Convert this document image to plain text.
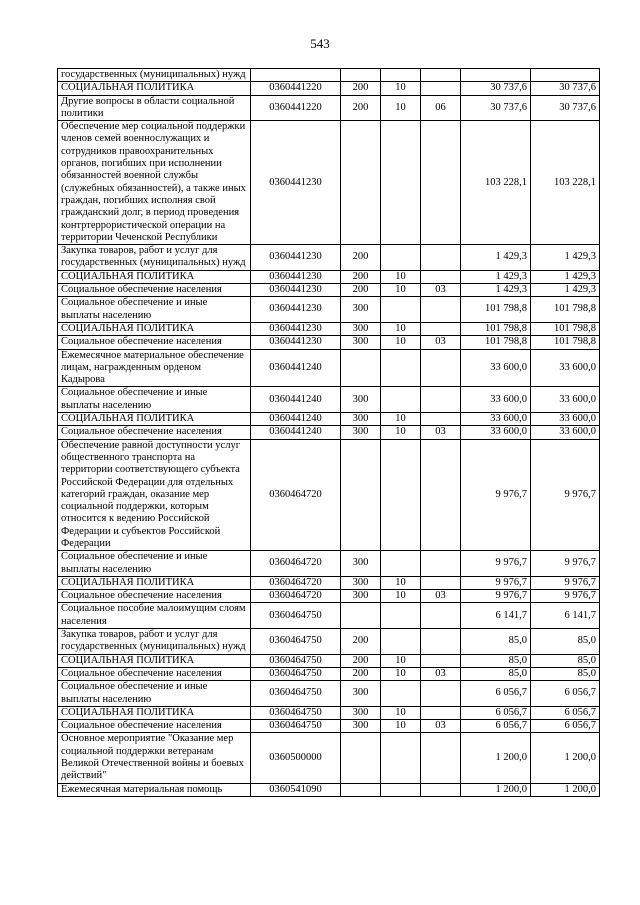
543
государственных (муниципальных) нужд						
СОЦИАЛЬНАЯ ПОЛИТИКА	0360441220	200	10		30 737,6	30 737,6
Другие вопросы в области социальной политики	0360441220	200	10	06	30 737,6	30 737,6
Обеспечение мер социальной поддержки членов семей военнослужащих и сотрудников правоохранительных органов, погибших при исполнении обязанностей военной службы (служебных обязанностей), а также иных граждан, погибших исполняя свой гражданский долг, в период проведения контртеррористической операции на территории Чеченской Республики	0360441230				103 228,1	103 228,1
Закупка товаров, работ и услуг для государственных (муниципальных) нужд	0360441230	200			1 429,3	1 429,3
СОЦИАЛЬНАЯ ПОЛИТИКА	0360441230	200	10		1 429,3	1 429,3
Социальное обеспечение населения	0360441230	200	10	03	1 429,3	1 429,3
Социальное обеспечение и иные выплаты населению	0360441230	300			101 798,8	101 798,8
СОЦИАЛЬНАЯ ПОЛИТИКА	0360441230	300	10		101 798,8	101 798,8
Социальное обеспечение населения	0360441230	300	10	03	101 798,8	101 798,8
Ежемесячное материальное обеспечение лицам, награжденным орденом Кадырова	0360441240				33 600,0	33 600,0
Социальное обеспечение и иные выплаты населению	0360441240	300			33 600,0	33 600,0
СОЦИАЛЬНАЯ ПОЛИТИКА	0360441240	300	10		33 600,0	33 600,0
Социальное обеспечение населения	0360441240	300	10	03	33 600,0	33 600,0
Обеспечение равной доступности услуг общественного транспорта на территории соответствующего субъекта Российской Федерации для отдельных категорий граждан, оказание мер социальной поддержки, которым относится к ведению Российской Федерации и субъектов Российской Федерации	0360464720				9 976,7	9 976,7
Социальное обеспечение и иные выплаты населению	0360464720	300			9 976,7	9 976,7
СОЦИАЛЬНАЯ ПОЛИТИКА	0360464720	300	10		9 976,7	9 976,7
Социальное обеспечение населения	0360464720	300	10	03	9 976,7	9 976,7
Социальное пособие малоимущим слоям населения	0360464750				6 141,7	6 141,7
Закупка товаров, работ и услуг для государственных (муниципальных) нужд	0360464750	200			85,0	85,0
СОЦИАЛЬНАЯ ПОЛИТИКА	0360464750	200	10		85,0	85,0
Социальное обеспечение населения	0360464750	200	10	03	85,0	85,0
Социальное обеспечение и иные выплаты населению	0360464750	300			6 056,7	6 056,7
СОЦИАЛЬНАЯ ПОЛИТИКА	0360464750	300	10		6 056,7	6 056,7
Социальное обеспечение населения	0360464750	300	10	03	6 056,7	6 056,7
Основное мероприятие "Оказание мер социальной поддержки ветеранам Великой Отечественной войны и боевых действий"	0360500000				1 200,0	1 200,0
Ежемесячная материальная помощь	0360541090				1 200,0	1 200,0
